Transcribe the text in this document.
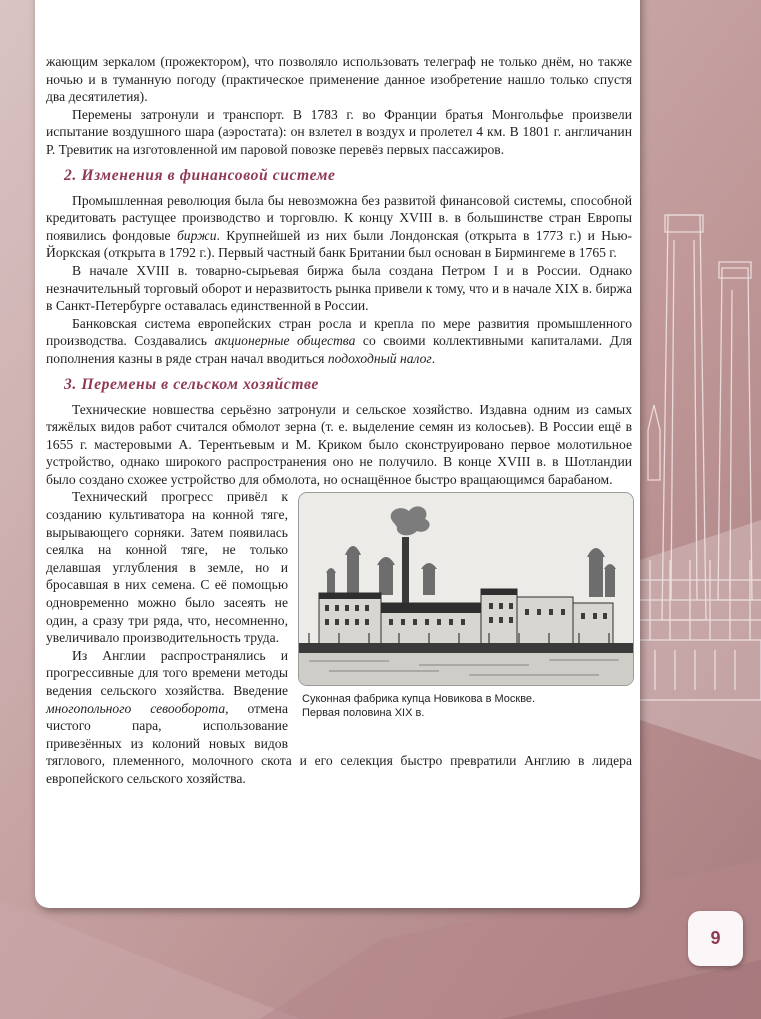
жающим зеркалом (прожектором), что позволяло использовать телеграф не только днём, но также ночью и в туманную погоду (практическое применение данное изобретение нашло только спустя два десятилетия).

Перемены затронули и транспорт. В 1783 г. во Франции братья Монгольфье произвели испытание воздушного шара (аэростата): он взлетел в воздух и пролетел 4 км. В 1801 г. англичанин Р. Тревитик на изготовленной им паровой повозке перевёз первых пассажиров.

2. Изменения в финансовой системе

Промышленная революция была бы невозможна без развитой финансовой системы, способной кредитовать растущее производство и торговлю. К концу XVIII в. в большинстве стран Европы появились фондовые биржи. Крупнейшей из них были Лондонская (открыта в 1773 г.) и Нью-Йоркская (открыта в 1792 г.). Первый частный банк Британии был основан в Бирмингеме в 1765 г.

В начале XVIII в. товарно-сырьевая биржа была создана Петром I и в России. Однако незначительный торговый оборот и неразвитость рынка привели к тому, что и в начале XIX в. биржа в Санкт-Петербурге оставалась единственной в России.

Банковская система европейских стран росла и крепла по мере развития промышленного производства. Создавались акционерные общества со своими коллективными капиталами. Для пополнения казны в ряде стран начал вводиться подоходный налог.

3. Перемены в сельском хозяйстве

Технические новшества серьёзно затронули и сельское хозяйство. Издавна одним из самых тяжёлых видов работ считался обмолот зерна (т. е. выделение семян из колосьев). В России ещё в 1655 г. мастеровыми А. Терентьевым и М. Криком было сконструировано первое молотильное устройство, однако широкого распространения оно не получило. В конце XVIII в. в Шотландии было создано схожее устройство для обмолота, но оснащённое быстро вращающимся барабаном.

Суконная фабрика купца Новикова в Москве.
Первая половина XIX в.

Технический прогресс привёл к созданию культиватора на конной тяге, вырывающего сорняки. Затем появилась сеялка на конной тяге, не только делавшая углубления в земле, но и бросавшая в них семена. С её помощью одновременно можно было засеять не один, а сразу три ряда, что, несомненно, увеличивало производительность труда.

Из Англии распространялись и прогрессивные для того времени методы ведения сельского хозяйства. Введение многопольного севооборота, отмена чистого пара, использование привезённых из колоний новых видов тяглового, племенного, молочного скота и его селекция быстро превратили Англию в лидера европейского сельского хозяйства.

9
